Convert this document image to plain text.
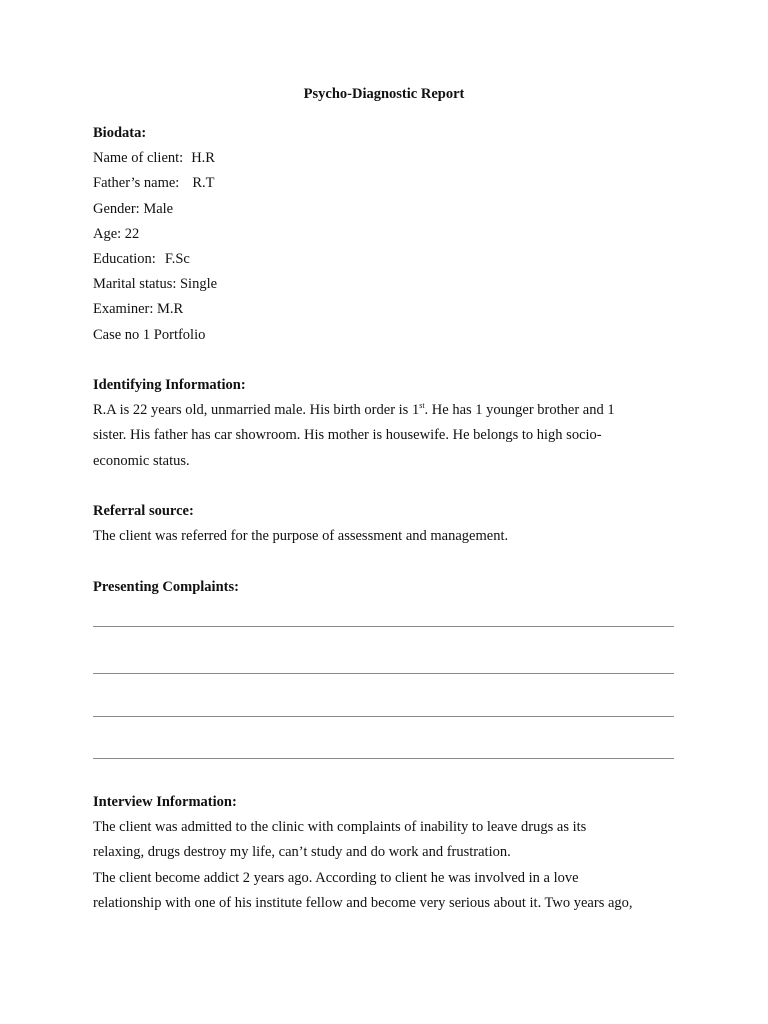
Psycho-Diagnostic Report
Biodata:
Name of client: H.R
Father’s name: R.T
Gender: Male
Age: 22
Education: F.Sc
Marital status: Single
Examiner: M.R
Case no 1 Portfolio
Identifying Information:
R.A is 22 years old, unmarried male. His birth order is 1st. He has 1 younger brother and 1
sister. His father has car showroom. His mother is housewife. He belongs to high socio-
economic status.
Referral source:
The client was referred for the purpose of assessment and management.
Presenting Complaints:
Interview Information:
The client was admitted to the clinic with complaints of inability to leave drugs as its
relaxing, drugs destroy my life, can’t study and do work and frustration.
The client become addict 2 years ago. According to client he was involved in a love
relationship with one of his institute fellow and become very serious about it. Two years ago,
